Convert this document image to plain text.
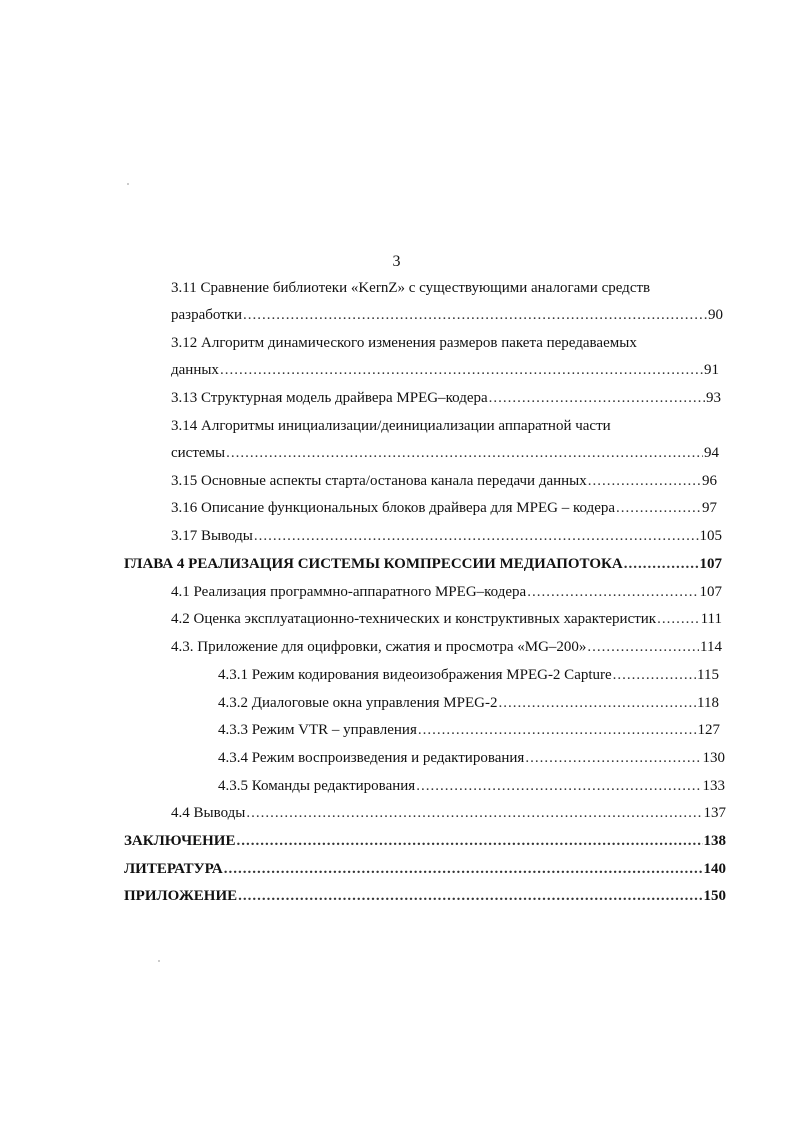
3
3.11 Сравнение библиотеки «KernZ» с существующими аналогами средств
разработки .....	90
3.12 Алгоритм динамического изменения размеров пакета передаваемых
данных .....	91
3.13 Структурная модель драйвера MPEG–кодера .....	93
3.14 Алгоритмы инициализации/деинициализации аппаратной части
системы .....	94
3.15 Основные аспекты старта/останова канала передачи данных .....	96
3.16 Описание функциональных блоков драйвера для MPEG – кодера .....	97
3.17 Выводы .....	105
ГЛАВА 4 РЕАЛИЗАЦИЯ СИСТЕМЫ КОМПРЕССИИ МЕДИАПОТОКА .....	107
4.1 Реализация программно-аппаратного MPEG–кодера .....	107
4.2 Оценка эксплуатационно-технических и конструктивных характеристик .....	111
4.3. Приложение для оцифровки, сжатия и просмотра «MG–200» .....	114
4.3.1 Режим кодирования видеоизображения MPEG-2 Capture .....	115
4.3.2 Диалоговые окна управления MPEG-2 .....	118
4.3.3 Режим VTR – управления .....	127
4.3.4 Режим воспроизведения и редактирования .....	130
4.3.5 Команды редактирования .....	133
4.4 Выводы .....	137
ЗАКЛЮЧЕНИЕ .....	138
ЛИТЕРАТУРА .....	140
ПРИЛОЖЕНИЕ .....	150
